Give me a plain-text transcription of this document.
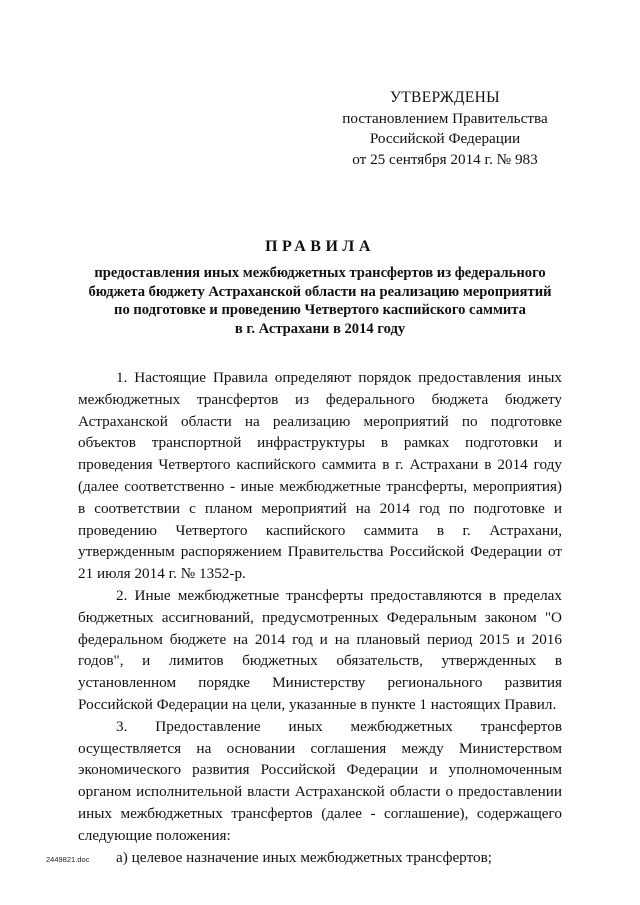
УТВЕРЖДЕНЫ
постановлением Правительства
Российской Федерации
от 25 сентября 2014 г. № 983
ПРАВИЛА
предоставления иных межбюджетных трансфертов из федерального
бюджета бюджету Астраханской области на реализацию мероприятий
по подготовке и проведению Четвертого каспийского саммита
в г. Астрахани в 2014 году

1. Настоящие Правила определяют порядок предоставления иных межбюджетных трансфертов из федерального бюджета бюджету Астраханской области на реализацию мероприятий по подготовке объектов транспортной инфраструктуры в рамках подготовки и проведения Четвертого каспийского саммита в г. Астрахани в 2014 году (далее соответственно - иные межбюджетные трансферты, мероприятия) в соответствии с планом мероприятий на 2014 год по подготовке и проведению Четвертого каспийского саммита в г. Астрахани, утвержденным распоряжением Правительства Российской Федерации от 21 июля 2014 г. № 1352-р.

2. Иные межбюджетные трансферты предоставляются в пределах бюджетных ассигнований, предусмотренных Федеральным законом "О федеральном бюджете на 2014 год и на плановый период 2015 и 2016 годов", и лимитов бюджетных обязательств, утвержденных в установленном порядке Министерству регионального развития Российской Федерации на цели, указанные в пункте 1 настоящих Правил.

3. Предоставление иных межбюджетных трансфертов осуществляется на основании соглашения между Министерством экономического развития Российской Федерации и уполномоченным органом исполнительной власти Астраханской области о предоставлении иных межбюджетных трансфертов (далее - соглашение), содержащего следующие положения:

а) целевое назначение иных межбюджетных трансфертов;

2449821.doc
